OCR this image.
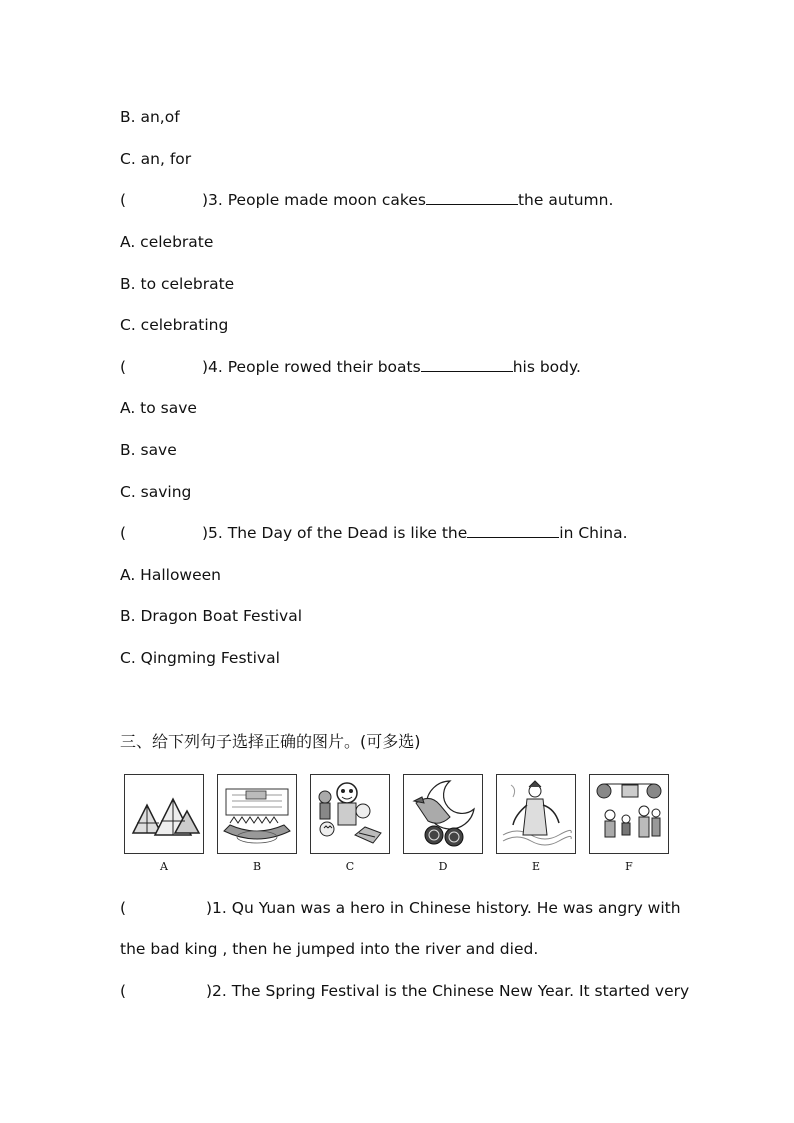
B. an,of
C. an, for
(	)3. People made moon cakes	the autumn.
A. celebrate
B. to celebrate
C. celebrating
(	)4. People rowed their boats	his body.
A. to save
B. save
C. saving
(	)5. The Day of the Dead is like the	in China.
A. Halloween
B. Dragon Boat Festival
C. Qingming Festival
三、给下列句子选择正确的图片。(可多选)
A	B	C	D	E	F
(	)1. Qu Yuan was a hero in Chinese history. He was angry with
the bad king , then he jumped into the river and died.
(	)2. The Spring Festival is the Chinese New Year. It started very
